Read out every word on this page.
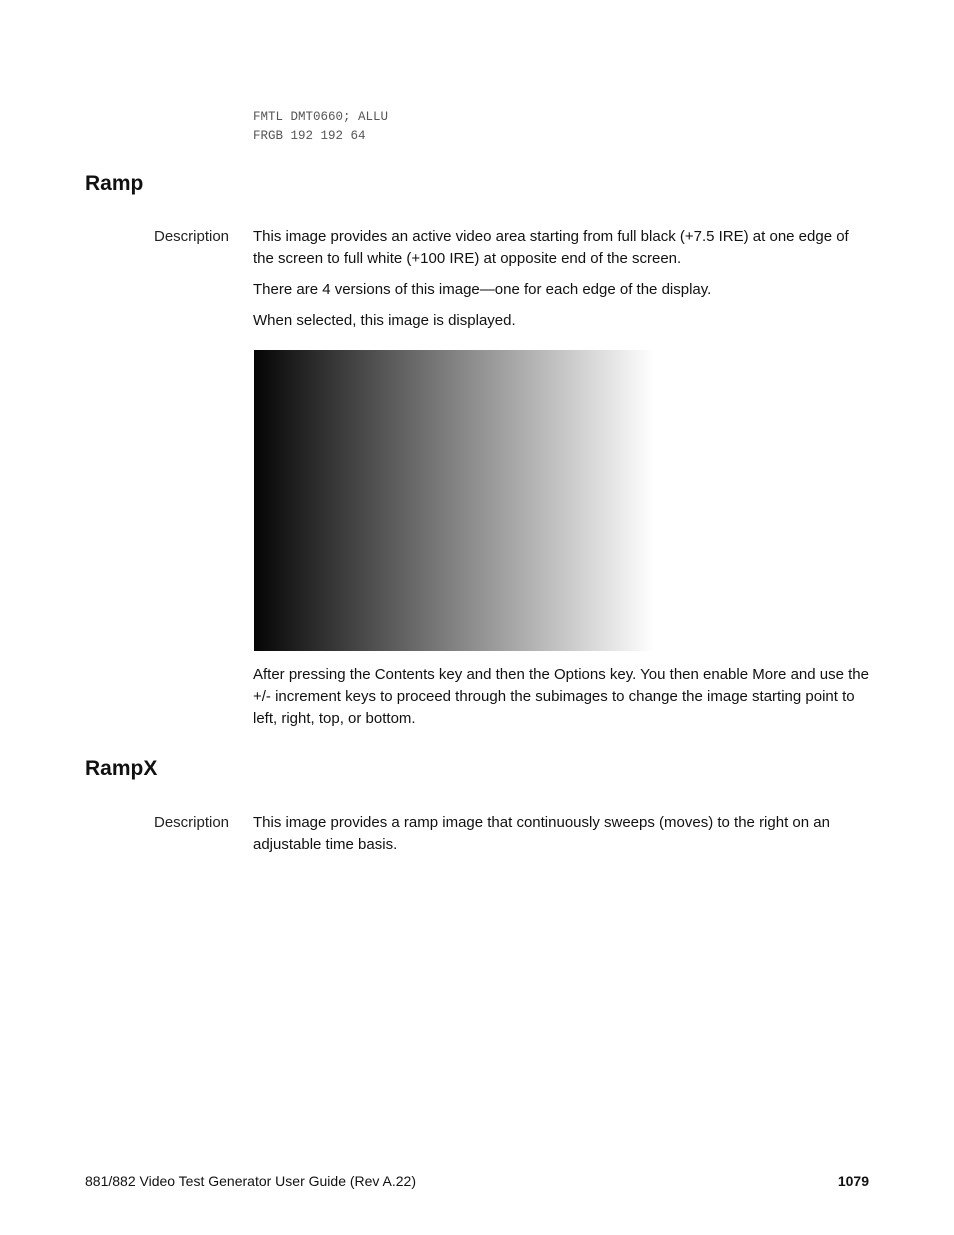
FMTL DMT0660; ALLU
FRGB 192 192 64
Ramp
Description This image provides an active video area starting from full black (+7.5 IRE) at one edge of the screen to full white (+100 IRE) at opposite end of the screen.

There are 4 versions of this image—one for each edge of the display.

When selected, this image is displayed.

After pressing the Contents key and then the Options key. You then enable More and use the +/- increment keys to proceed through the subimages to change the image starting point to left, right, top, or bottom.

RampX
Description This image provides a ramp image that continuously sweeps (moves) to the right on an adjustable time basis.

881/882 Video Test Generator User Guide (Rev A.22)	1079
